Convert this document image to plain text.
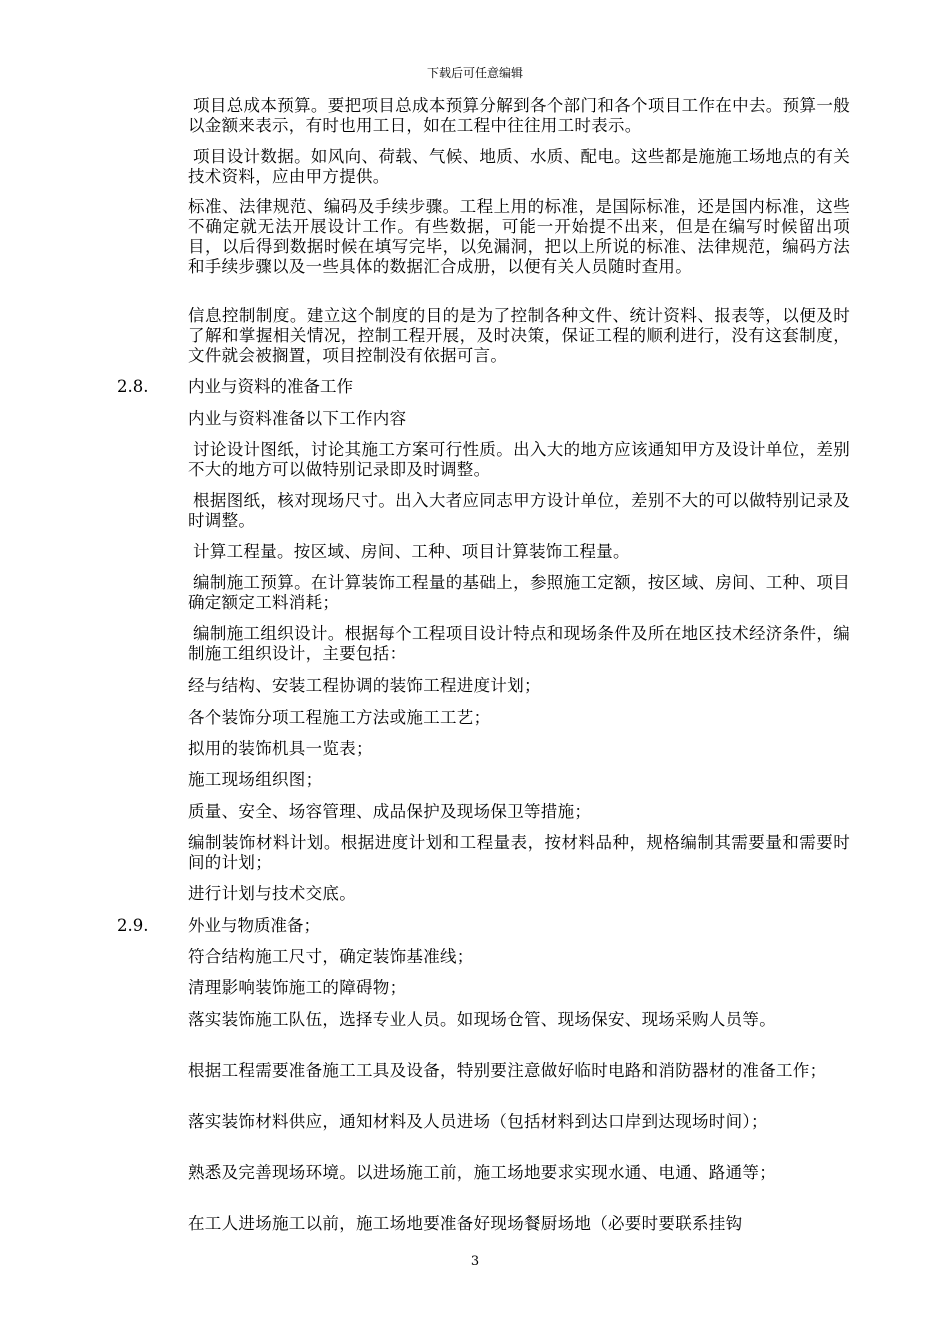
下载后可任意编辑
项目总成本预算。要把项目总成本预算分解到各个部门和各个项目工作在中去。预算一般以金额来表示，有时也用工日，如在工程中往往用工时表示。
项目设计数据。如风向、荷载、气候、地质、水质、配电。这些都是施施工场地点的有关技术资料，应由甲方提供。
标准、法律规范、编码及手续步骤。工程上用的标准，是国际标准，还是国内标准，这些不确定就无法开展设计工作。有些数据，可能一开始提不出来，但是在编写时候留出项目，以后得到数据时候在填写完毕，以免漏洞，把以上所说的标准、法律规范，编码方法和手续步骤以及一些具体的数据汇合成册，以便有关人员随时查用。
信息控制制度。建立这个制度的目的是为了控制各种文件、统计资料、报表等，以便及时了解和掌握相关情况，控制工程开展，及时决策，保证工程的顺利进行，没有这套制度，文件就会被搁置，项目控制没有依据可言。
2.8. 内业与资料的准备工作
内业与资料准备以下工作内容
讨论设计图纸，讨论其施工方案可行性质。出入大的地方应该通知甲方及设计单位，差别不大的地方可以做特别记录即及时调整。
根据图纸，核对现场尺寸。出入大者应同志甲方设计单位，差别不大的可以做特别记录及时调整。
计算工程量。按区域、房间、工种、项目计算装饰工程量。
编制施工预算。在计算装饰工程量的基础上，参照施工定额，按区域、房间、工种、项目确定额定工料消耗；
编制施工组织设计。根据每个工程项目设计特点和现场条件及所在地区技术经济条件，编制施工组织设计，主要包括：
经与结构、安装工程协调的装饰工程进度计划；
各个装饰分项工程施工方法或施工工艺；
拟用的装饰机具一览表；
施工现场组织图；
质量、安全、场容管理、成品保护及现场保卫等措施；
编制装饰材料计划。根据进度计划和工程量表，按材料品种，规格编制其需要量和需要时间的计划；
进行计划与技术交底。
2.9. 外业与物质准备；
符合结构施工尺寸，确定装饰基准线；
清理影响装饰施工的障碍物；
落实装饰施工队伍，选择专业人员。如现场仓管、现场保安、现场采购人员等。
根据工程需要准备施工工具及设备，特别要注意做好临时电路和消防器材的准备工作；
落实装饰材料供应，通知材料及人员进场（包括材料到达口岸到达现场时间）；
熟悉及完善现场环境。以进场施工前，施工场地要求实现水通、电通、路通等；
在工人进场施工以前，施工场地要准备好现场餐厨场地（必要时要联系挂钩
3
